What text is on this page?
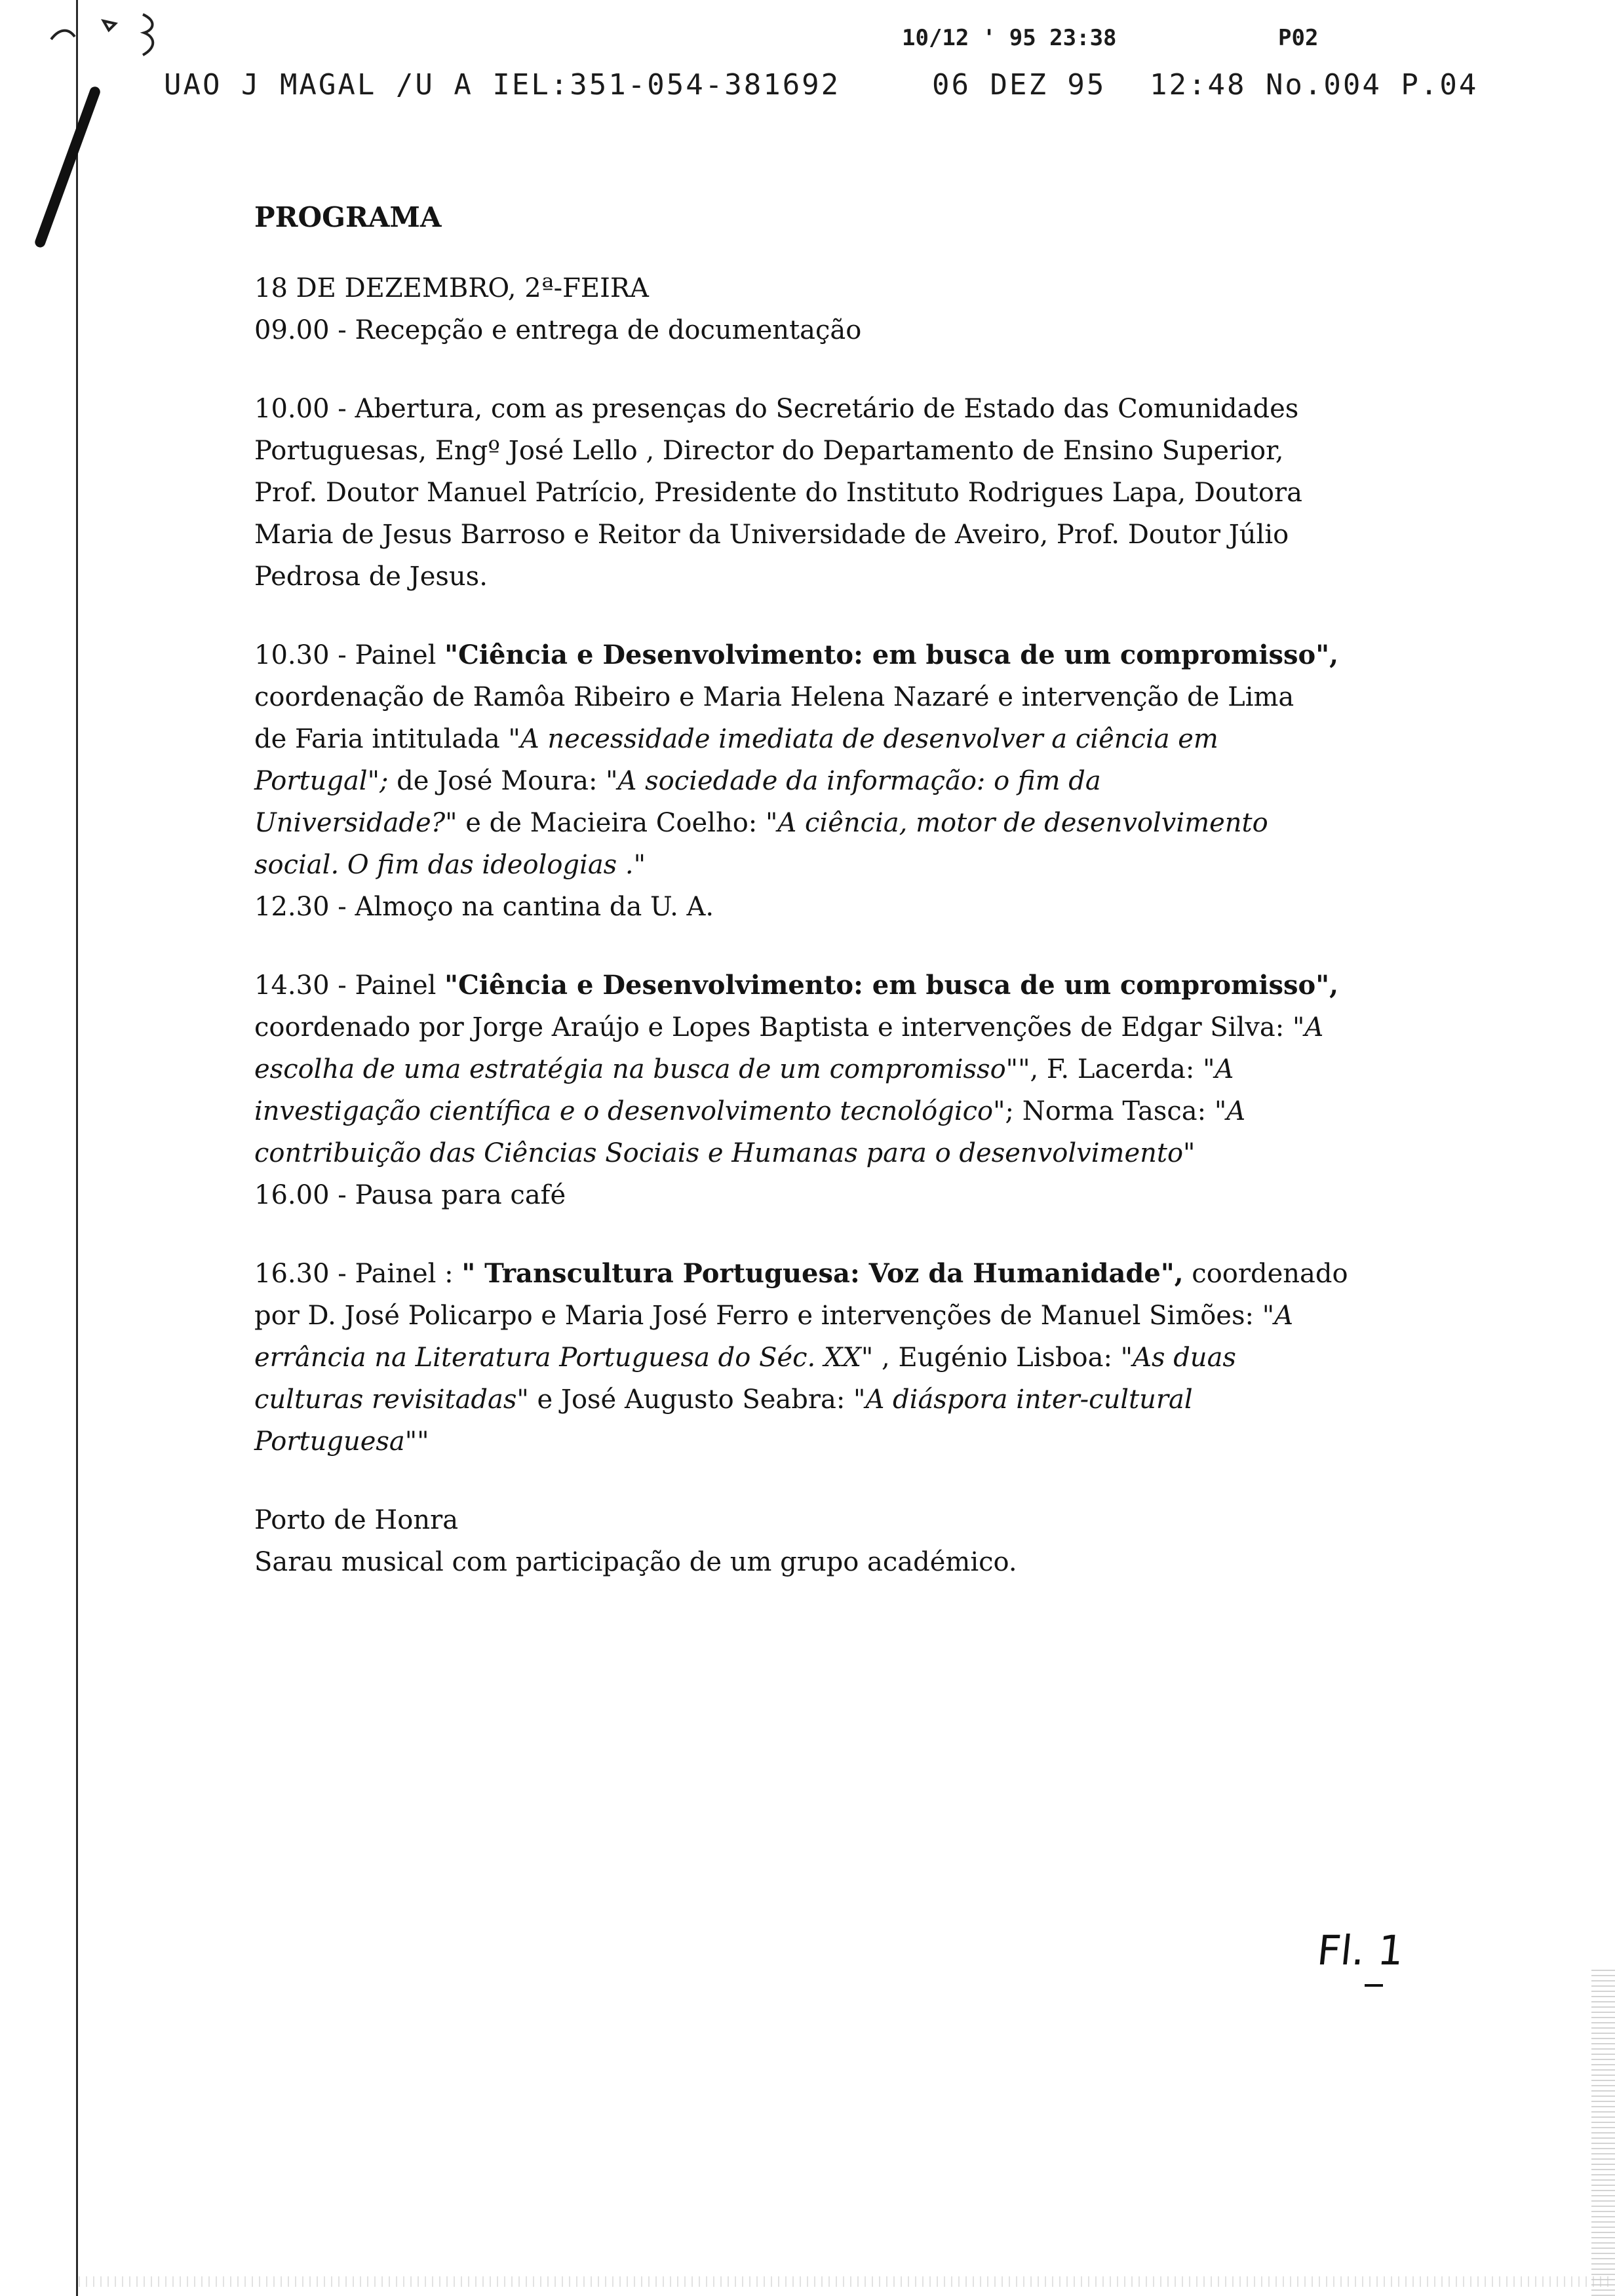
10/12 ' 95 23:38	P02
UAO J MAGAL /U A IEL:351-054-381692	06 DEZ 95 12:48 No.004 P.04
PROGRAMA
18 DE DEZEMBRO, 2ª-FEIRA
09.00 - Recepção e entrega de documentação
10.00 - Abertura, com as presenças do Secretário de Estado das Comunidades
Portuguesas, Engº José Lello , Director do Departamento de Ensino Superior,
Prof. Doutor Manuel Patrício, Presidente do Instituto Rodrigues Lapa, Doutora
Maria de Jesus Barroso e Reitor da Universidade de Aveiro, Prof. Doutor Júlio
Pedrosa de Jesus.
10.30 - Painel "Ciência e Desenvolvimento: em busca de um compromisso",
coordenação de Ramôa Ribeiro e Maria Helena Nazaré e intervenção de Lima
de Faria intitulada "A necessidade imediata de desenvolver a ciência em
Portugal"; de José Moura: "A sociedade da informação: o fim da
Universidade?" e de Macieira Coelho: "A ciência, motor de desenvolvimento
social. O fim das ideologias ."
12.30 - Almoço na cantina da U. A.
14.30 - Painel "Ciência e Desenvolvimento: em busca de um compromisso",
coordenado por Jorge Araújo e Lopes Baptista e intervenções de Edgar Silva: "A
escolha de uma estratégia na busca de um compromisso"", F. Lacerda: "A
investigação científica e o desenvolvimento tecnológico"; Norma Tasca: "A
contribuição das Ciências Sociais e Humanas para o desenvolvimento"
16.00 - Pausa para café
16.30 - Painel : " Transcultura Portuguesa: Voz da Humanidade", coordenado
por D. José Policarpo e Maria José Ferro e intervenções de Manuel Simões: "A
errância na Literatura Portuguesa do Séc. XX" , Eugénio Lisboa: "As duas
culturas revisitadas" e José Augusto Seabra: "A diáspora inter-cultural
Portuguesa""
Porto de Honra
Sarau musical com participação de um grupo académico.
Fl. 1
